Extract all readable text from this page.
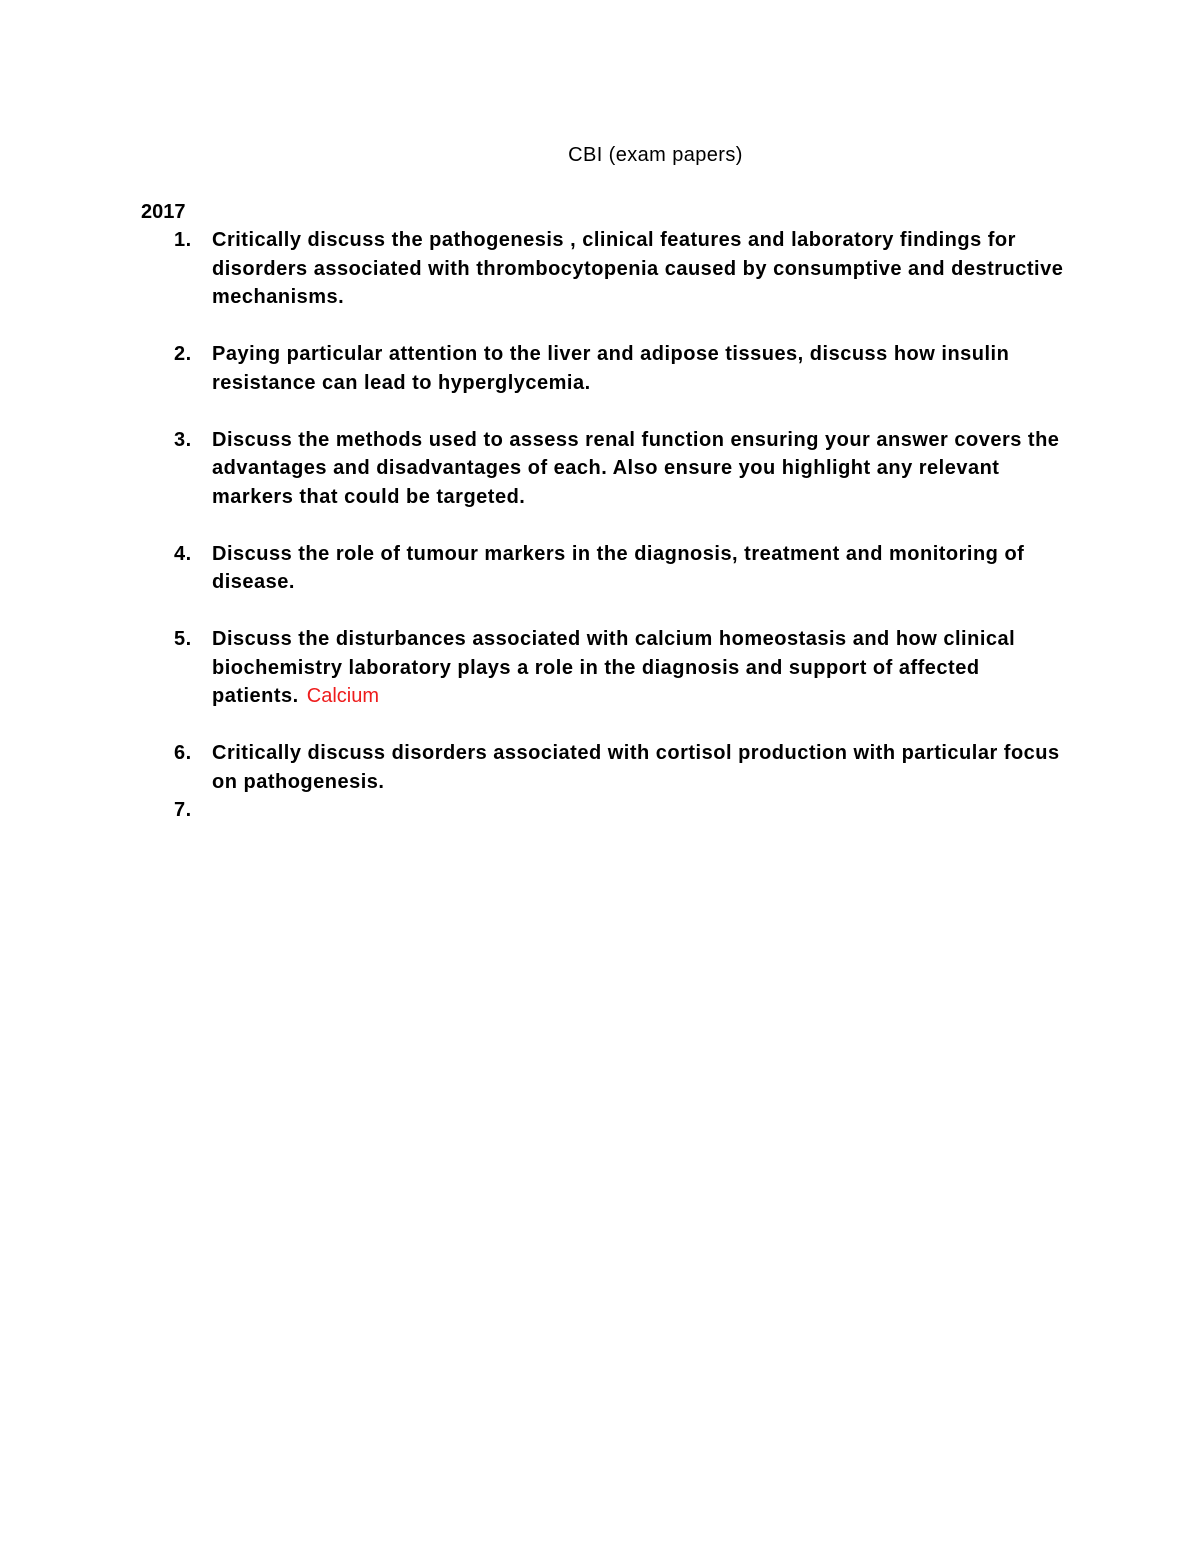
CBI (exam papers)
2017
1. Critically discuss the pathogenesis , clinical features and laboratory findings for disorders associated with thrombocytopenia caused by consumptive and destructive mechanisms.
2. Paying particular attention to the liver and adipose tissues, discuss how insulin resistance can lead to hyperglycemia.
3. Discuss the methods used to assess renal function ensuring your answer covers the advantages and disadvantages of each. Also ensure you highlight any relevant markers that could be targeted.
4. Discuss the role of tumour markers in the diagnosis, treatment and monitoring of disease.
5. Discuss the disturbances associated with calcium homeostasis and how clinical biochemistry laboratory plays a role in the diagnosis and support of affected patients. Calcium
6. Critically discuss disorders associated with cortisol production with particular focus on pathogenesis.
7.
